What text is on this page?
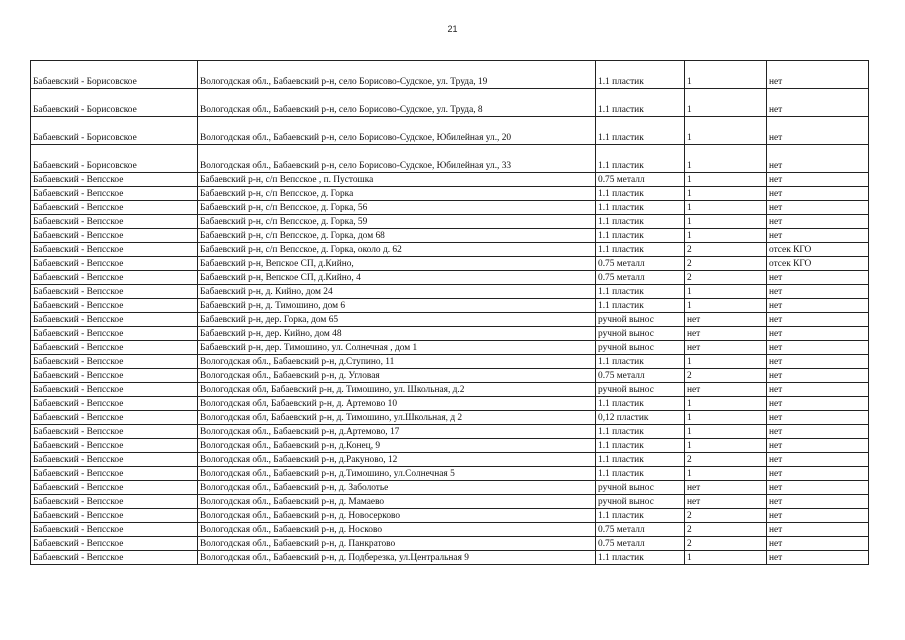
21
Бабаевский - Борисовское	Вологодская обл., Бабаевский р-н, село Борисово-Судское, ул. Труда, 19	1.1 пластик	1	нет
Бабаевский - Борисовское	Вологодская обл., Бабаевский р-н, село Борисово-Судское, ул. Труда, 8	1.1 пластик	1	нет
Бабаевский - Борисовское	Вологодская обл., Бабаевский р-н, село Борисово-Судское, Юбилейная ул., 20	1.1 пластик	1	нет
Бабаевский - Борисовское	Вологодская обл., Бабаевский р-н, село Борисово-Судское, Юбилейная ул., 33	1.1 пластик	1	нет
Бабаевский - Вепсское	Бабаевский р-н, с/п Вепсское , п. Пустошка	0.75 металл	1	нет
Бабаевский - Вепсское	Бабаевский р-н, с/п Вепсское, д. Горка	1.1 пластик	1	нет
Бабаевский - Вепсское	Бабаевский р-н, с/п Вепсское, д. Горка, 56	1.1 пластик	1	нет
Бабаевский - Вепсское	Бабаевский р-н, с/п Вепсское, д. Горка, 59	1.1 пластик	1	нет
Бабаевский - Вепсское	Бабаевский р-н, с/п Вепсское, д. Горка, дом 68	1.1 пластик	1	нет
Бабаевский - Вепсское	Бабаевский р-н, с/п Вепсское, д. Горка, около д. 62	1.1 пластик	2	отсек КГО
Бабаевский - Вепсское	Бабаевский р-н, Вепское СП, д.Кийно,	0.75 металл	2	отсек КГО
Бабаевский - Вепсское	Бабаевский р-н, Вепское СП, д.Кийно, 4	0.75 металл	2	нет
Бабаевский - Вепсское	Бабаевский р-н, д. Кийно, дом 24	1.1 пластик	1	нет
Бабаевский - Вепсское	Бабаевский р-н, д. Тимошино, дом 6	1.1 пластик	1	нет
Бабаевский - Вепсское	Бабаевский р-н, дер. Горка, дом 65	ручной вынос	нет	нет
Бабаевский - Вепсское	Бабаевский р-н, дер. Кийно, дом 48	ручной вынос	нет	нет
Бабаевский - Вепсское	Бабаевский р-н, дер. Тимошино, ул. Солнечная , дом 1	ручной вынос	нет	нет
Бабаевский - Вепсское	Вологодская обл., Бабаевский р-н, д.Ступино, 11	1.1 пластик	1	нет
Бабаевский - Вепсское	Вологодская обл., Бабаевский р-н, д. Угловая	0.75 металл	2	нет
Бабаевский - Вепсское	Вологодская обл, Бабаевский р-н, д. Тимошино, ул. Школьная, д.2	ручной вынос	нет	нет
Бабаевский - Вепсское	Вологодская обл, Бабаевский р-н, д. Артемово 10	1.1 пластик	1	нет
Бабаевский - Вепсское	Вологодская обл, Бабаевский р-н, д. Тимошино, ул.Школьная, д 2	0,12 пластик	1	нет
Бабаевский - Вепсское	Вологодская обл., Бабаевский р-н, д.Артемово, 17	1.1 пластик	1	нет
Бабаевский - Вепсское	Вологодская обл., Бабаевский р-н, д.Конец, 9	1.1 пластик	1	нет
Бабаевский - Вепсское	Вологодская обл., Бабаевский р-н, д.Ракуново, 12	1.1 пластик	2	нет
Бабаевский - Вепсское	Вологодская обл., Бабаевский р-н, д.Тимошино, ул.Солнечная 5	1.1 пластик	1	нет
Бабаевский - Вепсское	Вологодская обл., Бабаевский р-н, д. Заболотье	ручной вынос	нет	нет
Бабаевский - Вепсское	Вологодская обл., Бабаевский р-н, д. Мамаево	ручной вынос	нет	нет
Бабаевский - Вепсское	Вологодская обл., Бабаевский р-н, д. Новосерково	1.1 пластик	2	нет
Бабаевский - Вепсское	Вологодская обл., Бабаевский р-н, д. Носково	0.75 металл	2	нет
Бабаевский - Вепсское	Вологодская обл., Бабаевский р-н, д. Панкратово	0.75 металл	2	нет
Бабаевский - Вепсское	Вологодская обл., Бабаевский р-н, д. Подберезка, ул.Центральная 9	1.1 пластик	1	нет
